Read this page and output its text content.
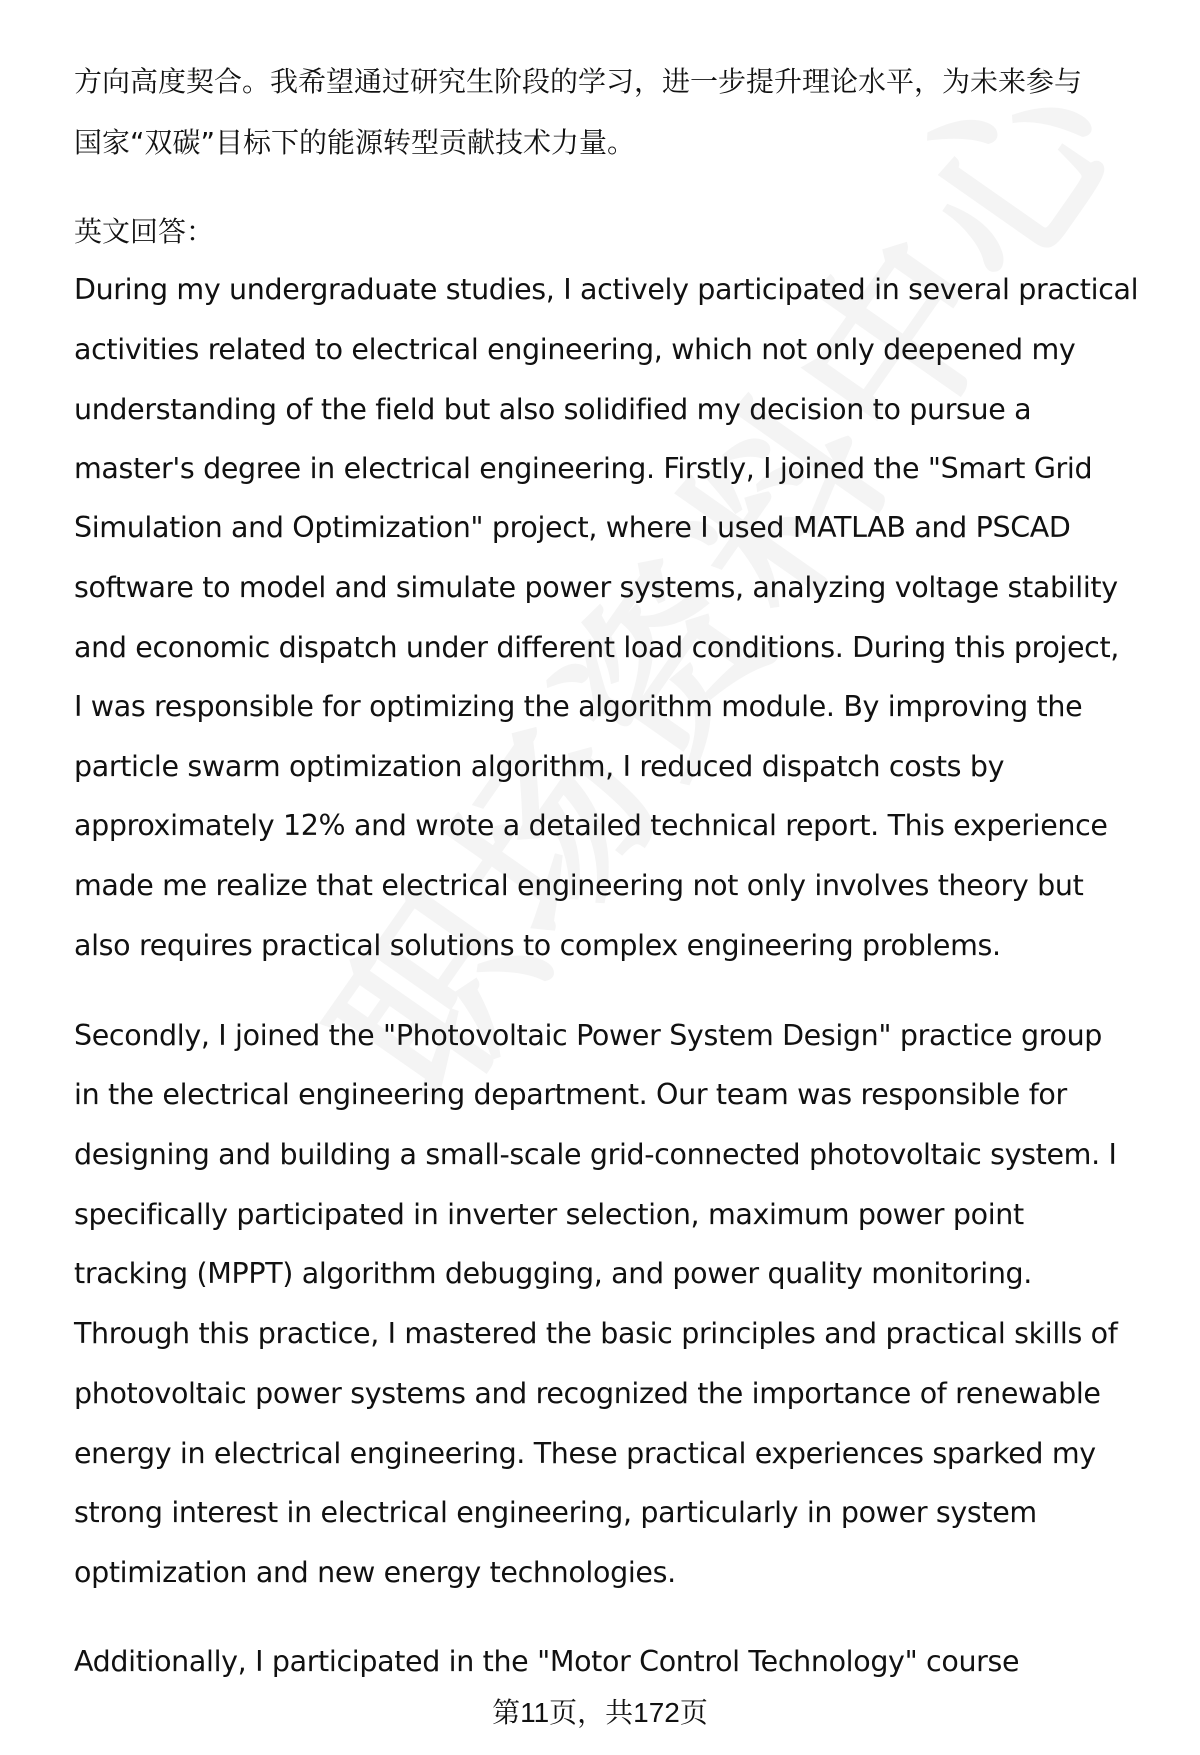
方向高度契合。我希望通过研究生阶段的学习，进一步提升理论水平，为未来参与
国家“双碳”目标下的能源转型贡献技术力量。
英文回答：
During my undergraduate studies, I actively participated in several practical
activities related to electrical engineering, which not only deepened my
understanding of the field but also solidified my decision to pursue a
master's degree in electrical engineering. Firstly, I joined the "Smart Grid
Simulation and Optimization" project, where I used MATLAB and PSCAD
software to model and simulate power systems, analyzing voltage stability
and economic dispatch under different load conditions. During this project,
I was responsible for optimizing the algorithm module. By improving the
particle swarm optimization algorithm, I reduced dispatch costs by
approximately 12% and wrote a detailed technical report. This experience
made me realize that electrical engineering not only involves theory but
also requires practical solutions to complex engineering problems.
Secondly, I joined the "Photovoltaic Power System Design" practice group
in the electrical engineering department. Our team was responsible for
designing and building a small-scale grid-connected photovoltaic system. I
specifically participated in inverter selection, maximum power point
tracking (MPPT) algorithm debugging, and power quality monitoring.
Through this practice, I mastered the basic principles and practical skills of
photovoltaic power systems and recognized the importance of renewable
energy in electrical engineering. These practical experiences sparked my
strong interest in electrical engineering, particularly in power system
optimization and new energy technologies.
Additionally, I participated in the "Motor Control Technology" course
第11页，共172页
